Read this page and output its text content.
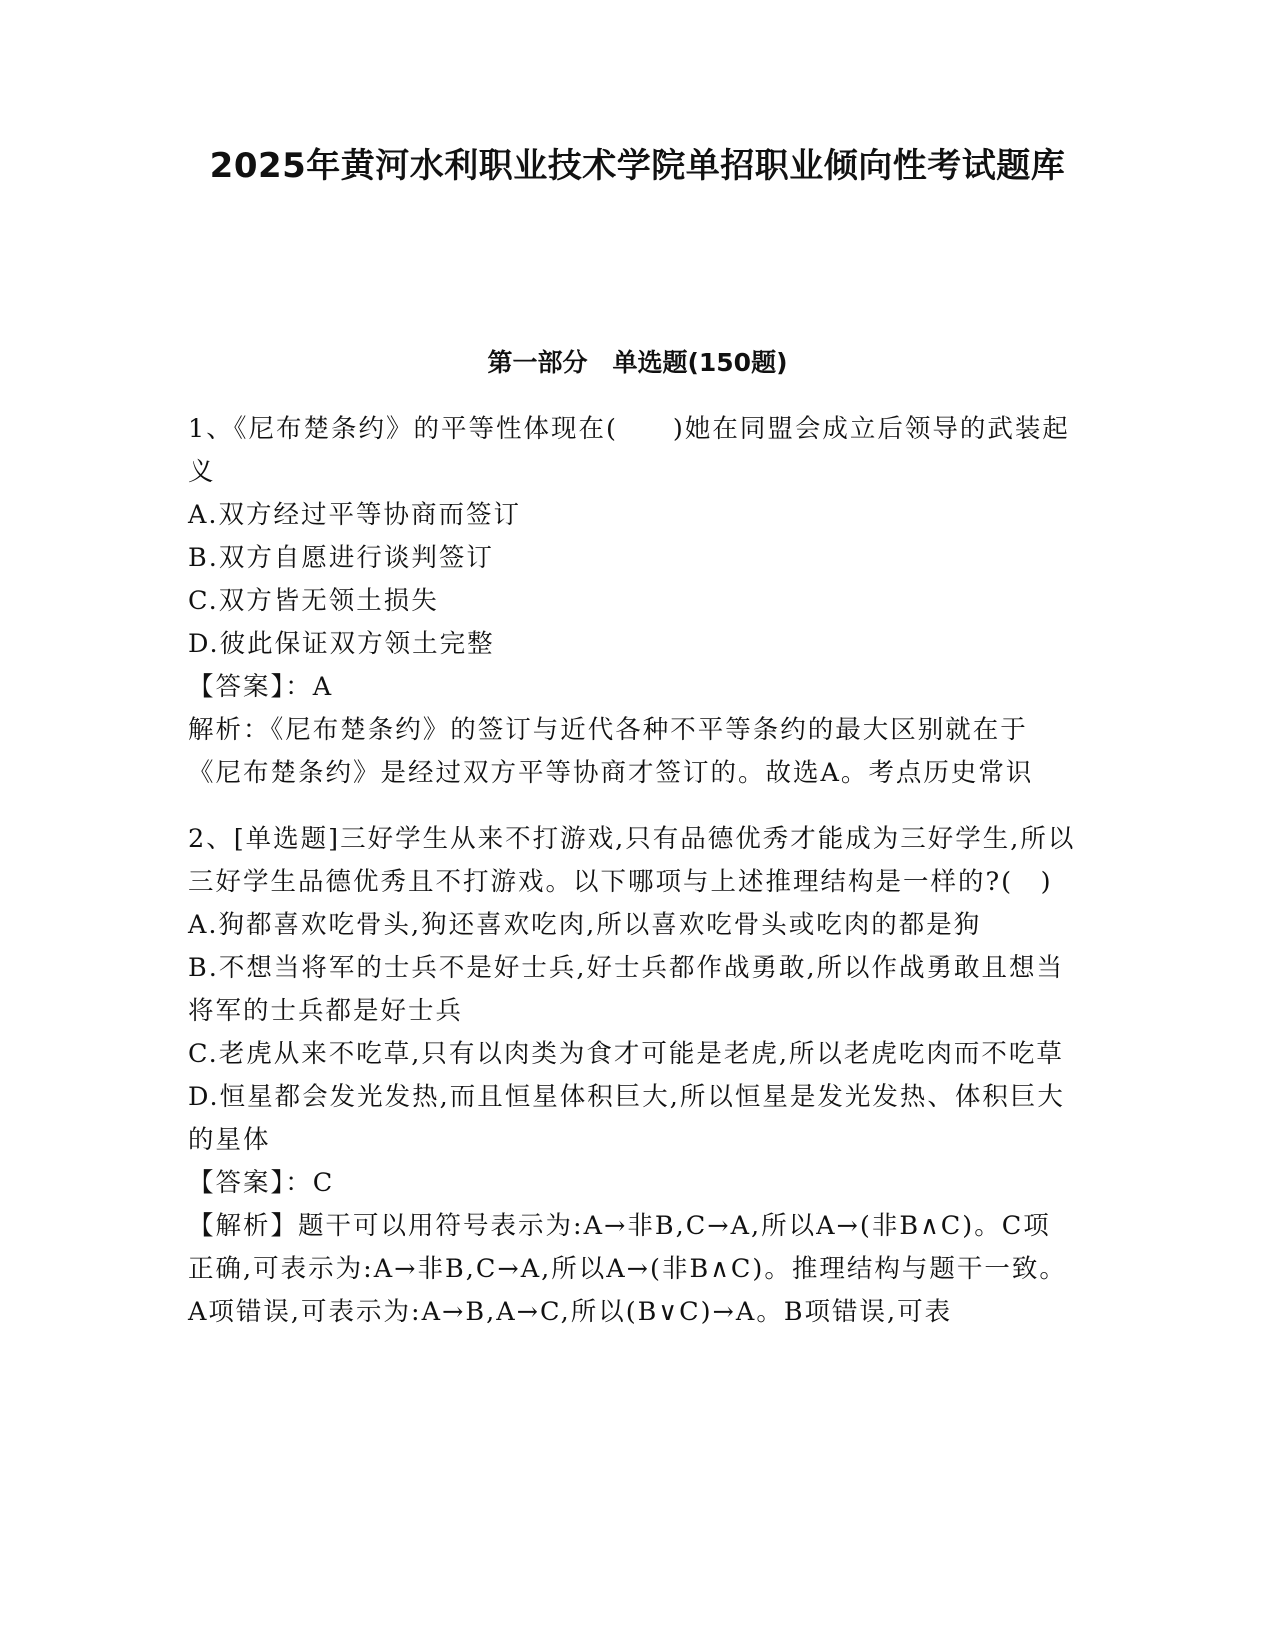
2025年黄河水利职业技术学院单招职业倾向性考试题库
第一部分　单选题(150题)

1、《尼布楚条约》的平等性体现在(　　)她在同盟会成立后领导的武装起义

A.双方经过平等协商而签订

B.双方自愿进行谈判签订

C.双方皆无领土损失

D.彼此保证双方领土完整

【答案】：A

解析：《尼布楚条约》的签订与近代各种不平等条约的最大区别就在于《尼布楚条约》是经过双方平等协商才签订的。故选A。考点历史常识

2、[单选题]三好学生从来不打游戏,只有品德优秀才能成为三好学生,所以三好学生品德优秀且不打游戏。以下哪项与上述推理结构是一样的?(　)

A.狗都喜欢吃骨头,狗还喜欢吃肉,所以喜欢吃骨头或吃肉的都是狗

B.不想当将军的士兵不是好士兵,好士兵都作战勇敢,所以作战勇敢且想当将军的士兵都是好士兵

C.老虎从来不吃草,只有以肉类为食才可能是老虎,所以老虎吃肉而不吃草

D.恒星都会发光发热,而且恒星体积巨大,所以恒星是发光发热、体积巨大的星体

【答案】：C

【解析】题干可以用符号表示为:A→非B,C→A,所以A→(非B∧C)。C项正确,可表示为:A→非B,C→A,所以A→(非B∧C)。推理结构与题干一致。A项错误,可表示为:A→B,A→C,所以(B∨C)→A。B项错误,可表
